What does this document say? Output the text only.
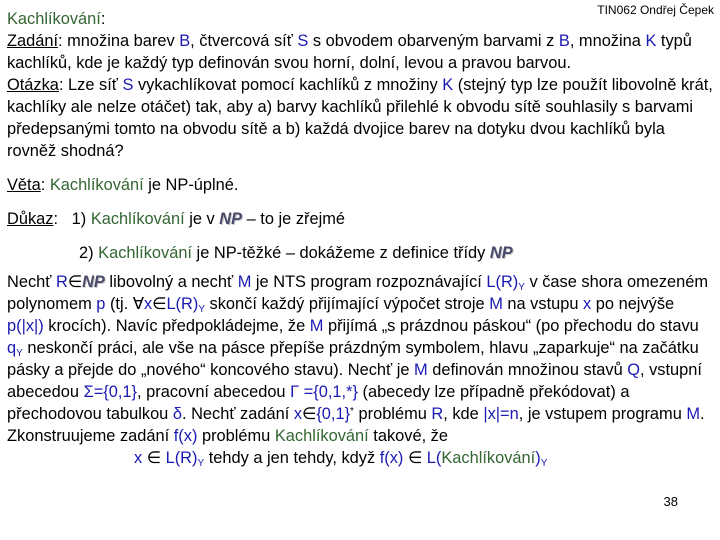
TIN062 Ondřej Čepek

Kachlíkování:

Zadání: množina barev B, čtvercová síť S s obvodem obarveným barvami z B, množina K typů kachlíků, kde je každý typ definován svou horní, dolní, levou a pravou barvou.

Otázka: Lze síť S vykachlíkovat pomocí kachlíků z množiny K (stejný typ lze použít libovolně krát, kachlíky ale nelze otáčet) tak, aby a) barvy kachlíků přilehlé k obvodu sítě souhlasily s barvami předepsanými tomto na obvodu sítě a b) každá dvojice barev na dotyku dvou kachlíků byla rovněž shodná?

Věta: Kachlíkování je NP-úplné.

Důkaz:   1) Kachlíkování je v NP – to je zřejmé

2) Kachlíkování je NP-těžké – dokážeme z definice třídy NP

Nechť R∈NP libovolný a nechť M je NTS program rozpoznávající $L(R)_Y$ v čase shora omezeném polynomem p (tj. $\forall x\in L(R)_Y$ skončí každý přijímající výpočet stroje M na vstupu x po nejvýše p(|x|) krocích). Navíc předpokládejme, že M přijímá „s prázdnou páskou“ (po přechodu do stavu $q_Y$ neskončí práci, ale vše na pásce přepíše prázdným symbolem, hlavu „zaparkuje“ na začátku pásky a přejde do „nového“ koncového stavu). Nechť je M definován množinou stavů Q, vstupní abecedou Σ={0,1}, pracovní abecedou Γ ={0,1,*} (abecedy lze případně překódovat) a přechodovou tabulkou δ. Nechť zadání x∈{0,1}* problému R, kde |x|=n, je vstupem programu M. Zkonstruujeme zadání f(x) problému Kachlíkování takové, že

x ∈ $L(R)_Y$ tehdy a jen tehdy, když f(x) ∈ $L(Kachlíkování)_Y$

38
